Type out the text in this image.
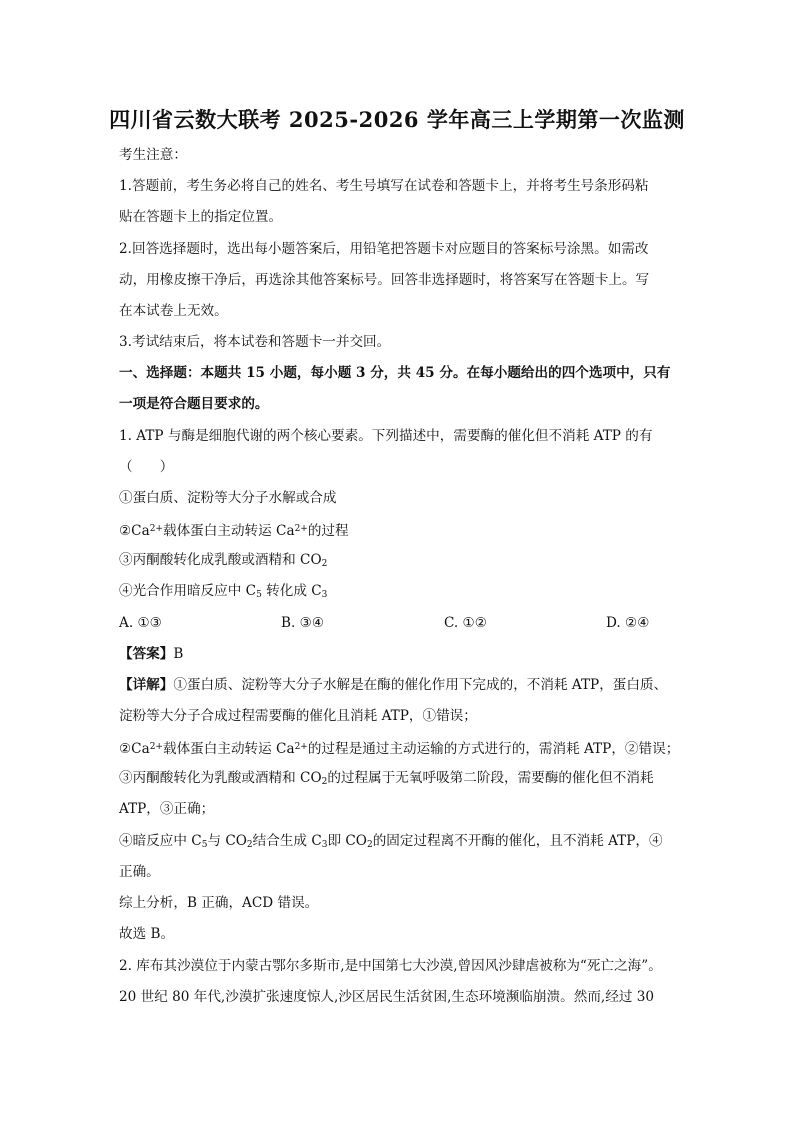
四川省云数大联考 2025-2026 学年高三上学期第一次监测
考生注意：
1.答题前，考生务必将自己的姓名、考生号填写在试卷和答题卡上，并将考生号条形码粘
贴在答题卡上的指定位置。
2.回答选择题时，选出每小题答案后，用铅笔把答题卡对应题目的答案标号涂黑。如需改
动，用橡皮擦干净后，再选涂其他答案标号。回答非选择题时，将答案写在答题卡上。写
在本试卷上无效。
3.考试结束后，将本试卷和答题卡一并交回。
一、选择题：本题共 15 小题，每小题 3 分，共 45 分。在每小题给出的四个选项中，只有
一项是符合题目要求的。
1. ATP 与酶是细胞代谢的两个核心要素。下列描述中，需要酶的催化但不消耗 ATP 的有
（　　）
①蛋白质、淀粉等大分子水解或合成
$②Ca^{2+}$载体蛋白主动转运 $Ca^{2+}$的过程
③丙酮酸转化成乳酸或酒精和 $CO_2$
④光合作用暗反应中 $C_5$ 转化成 $C_3$
A. ①③	B. ③④	C. ①②	D. ②④
【答案】B
【详解】①蛋白质、淀粉等大分子水解是在酶的催化作用下完成的，不消耗 ATP，蛋白质、
淀粉等大分子合成过程需要酶的催化且消耗 ATP，①错误；
$②Ca^{2+}$载体蛋白主动转运 $Ca^{2+}$的过程是通过主动运输的方式进行的，需消耗 ATP，②错误；
③丙酮酸转化为乳酸或酒精和 $CO_2$的过程属于无氧呼吸第二阶段，需要酶的催化但不消耗
ATP，③正确；
④暗反应中 $C_5$与 $CO_2$结合生成 $C_3$即 $CO_2$的固定过程离不开酶的催化，且不消耗 ATP，④
正确。
综上分析，B 正确，ACD 错误。
故选 B。
2. 库布其沙漠位于内蒙古鄂尔多斯市,是中国第七大沙漠,曾因风沙肆虐被称为“死亡之海”。
20 世纪 80 年代,沙漠扩张速度惊人,沙区居民生活贫困,生态环境濒临崩溃。然而,经过 30
